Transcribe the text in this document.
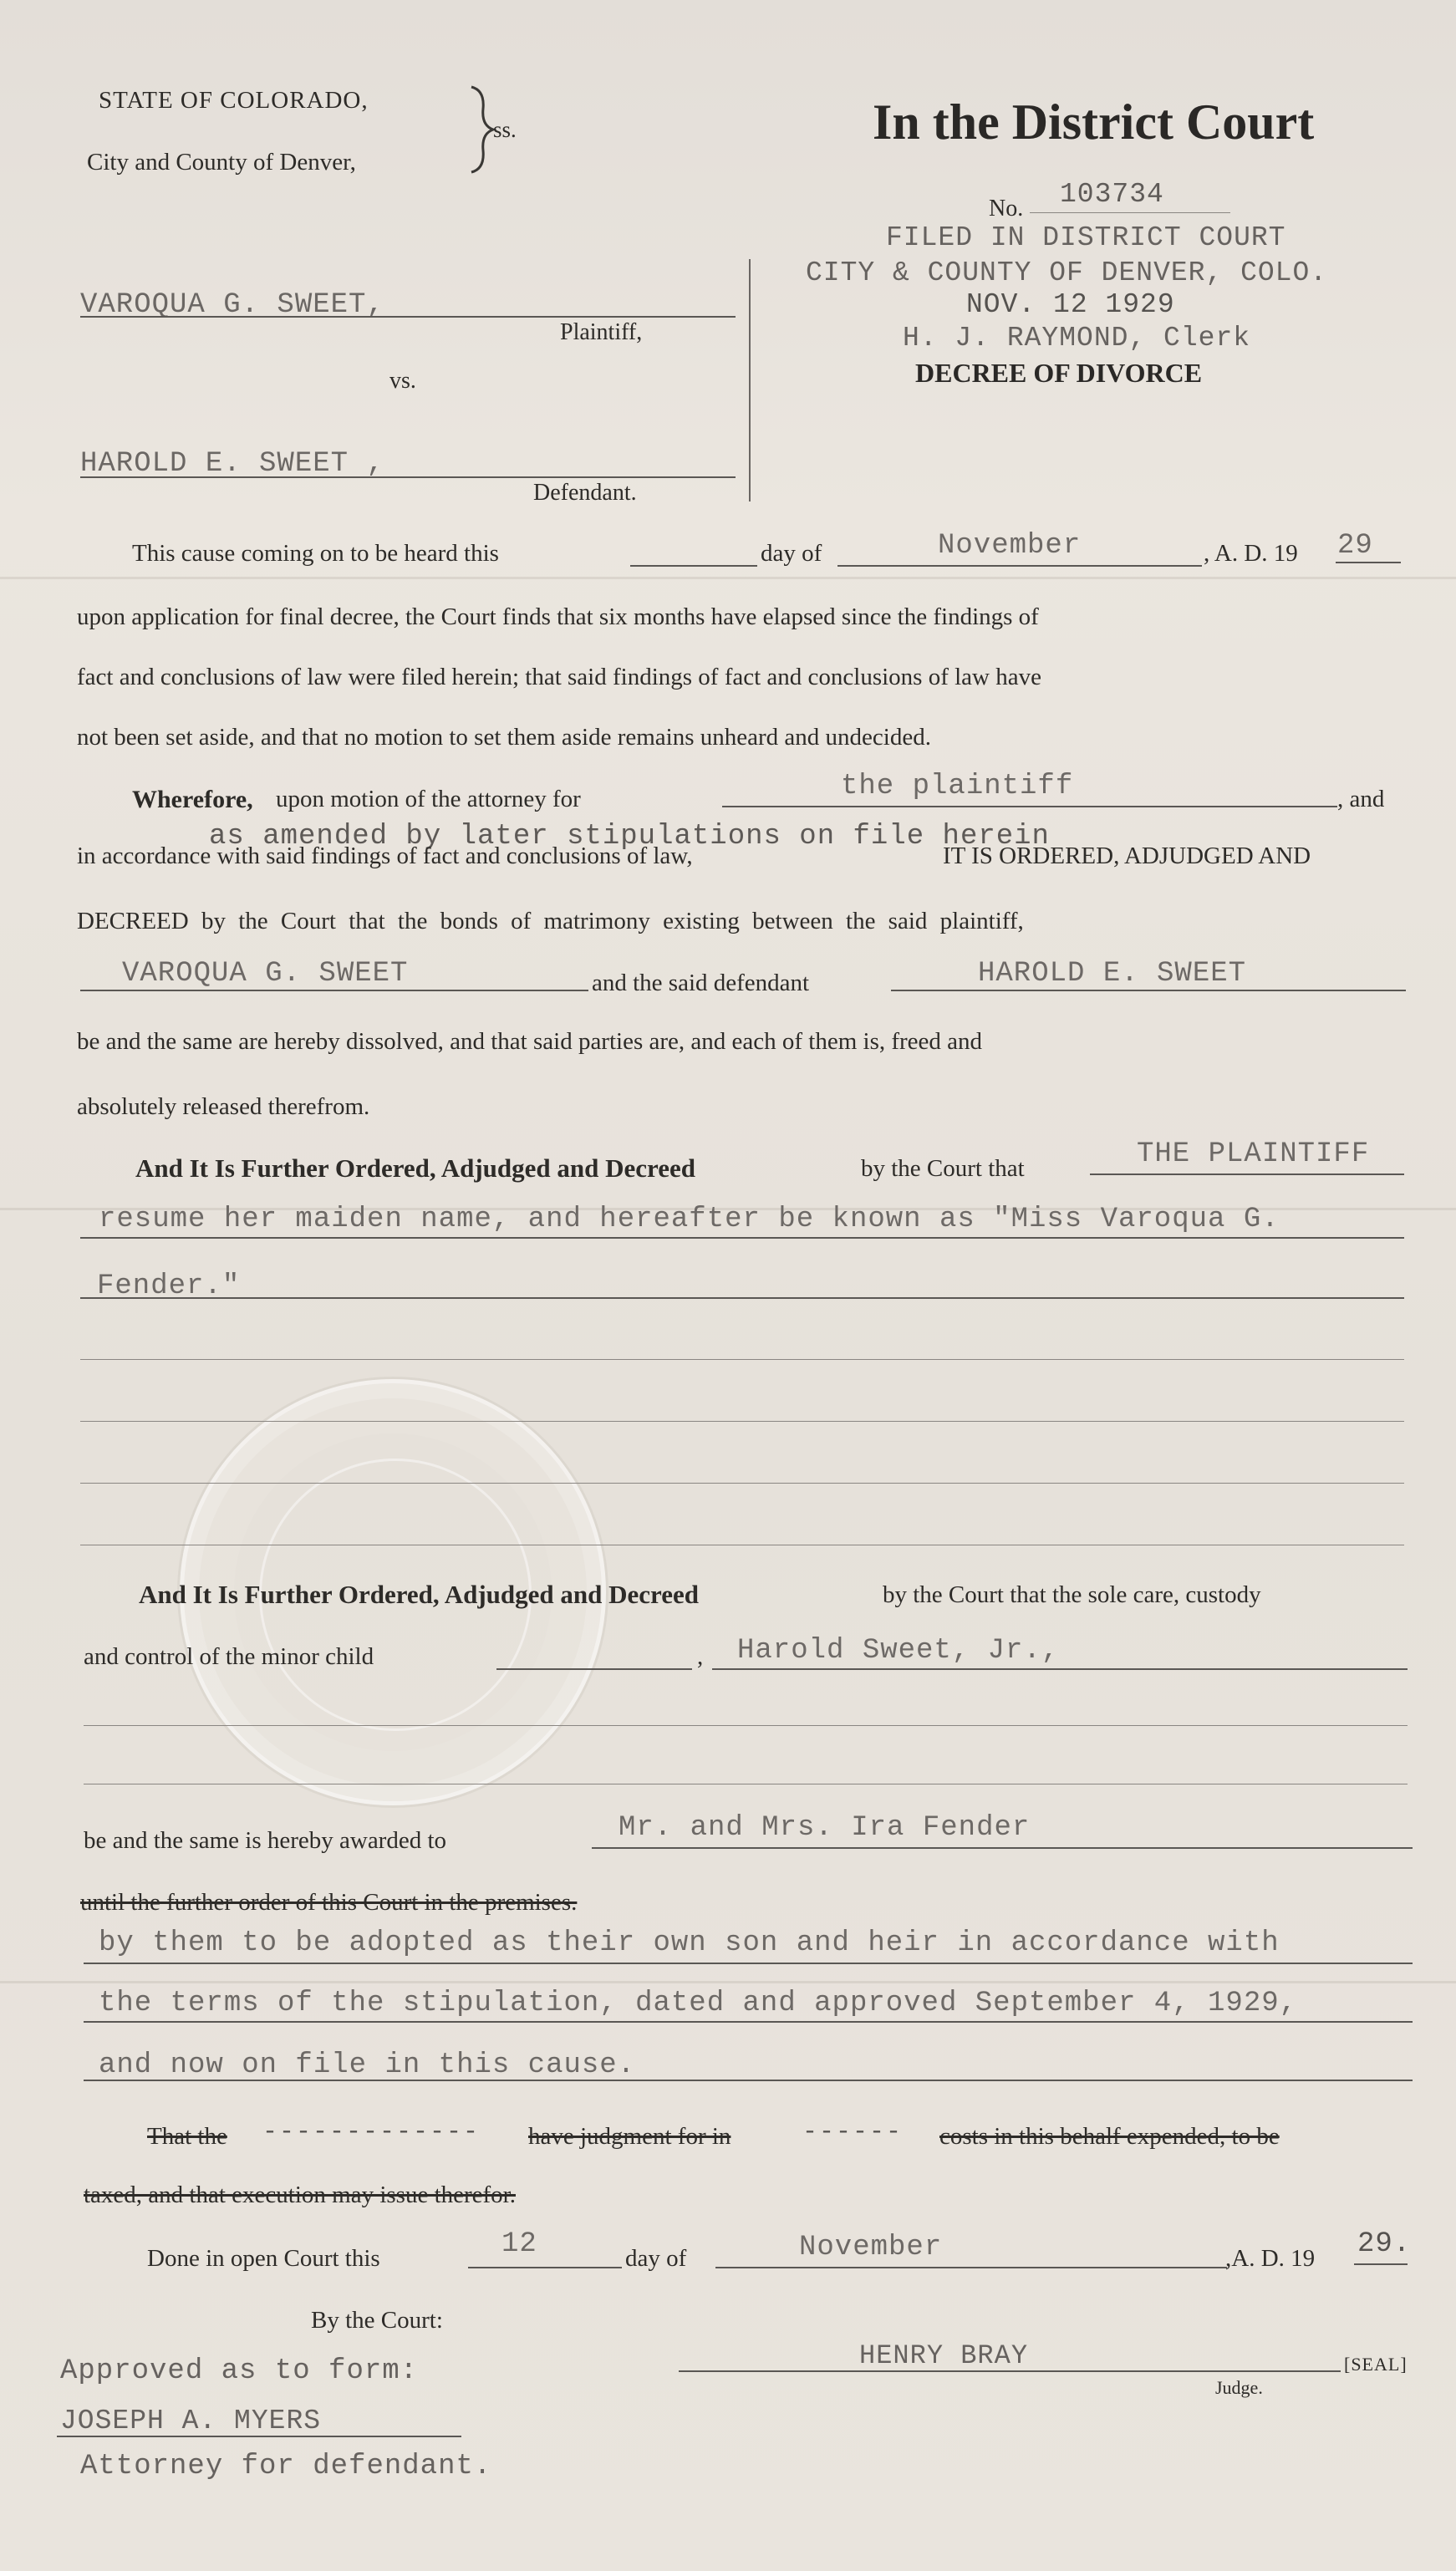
STATE OF COLORADO,
City and County of Denver,
ss.
VAROQUA G. SWEET,
Plaintiff,
vs.
HAROLD E. SWEET ,
Defendant.
In the District Court
No. 103734
FILED IN DISTRICT COURT
CITY & COUNTY OF DENVER, COLO.
NOV. 12 1929
H. J. RAYMOND, Clerk
DECREE OF DIVORCE
This cause coming on to be heard this	day of	November	, A. D. 19 29
upon application for final decree, the Court finds that six months have elapsed since the findings of
fact and conclusions of law were filed herein; that said findings of fact and conclusions of law have
not been set aside, and that no motion to set them aside remains unheard and undecided.
Wherefore, upon motion of the attorney for	the plaintiff	, and
as amended by later stipulations on file herein
in accordance with said findings of fact and conclusions of law,	IT IS ORDERED, ADJUDGED AND
DECREED by the Court that the bonds of matrimony existing between the said plaintiff,
VAROQUA G. SWEET	and the said defendant	HAROLD E. SWEET
be and the same are hereby dissolved, and that said parties are, and each of them is, freed and
absolutely released therefrom.
And It Is Further Ordered, Adjudged and Decreed	by the Court that	THE PLAINTIFF
resume her maiden name, and hereafter be known as "Miss Varoqua G.
Fender."
And It Is Further Ordered, Adjudged and Decreed	by the Court that the sole care, custody
and control of the minor child	, Harold Sweet, Jr.,
be and the same is hereby awarded to	Mr. and Mrs. Ira Fender
until the further order of this Court in the premises.
by them to be adopted as their own son and heir in accordance with
the terms of the stipulation, dated and approved September 4, 1929,
and now on file in this cause.
That the ------------- have judgment for in	------ costs in this behalf expended, to be
taxed, and that execution may issue therefor.
Done in open Court this	12	day of	November	,A. D. 19 29.
By the Court:
Approved as to form:
JOSEPH A. MYERS
Attorney for defendant.
HENRY BRAY
Judge.
[SEAL]
